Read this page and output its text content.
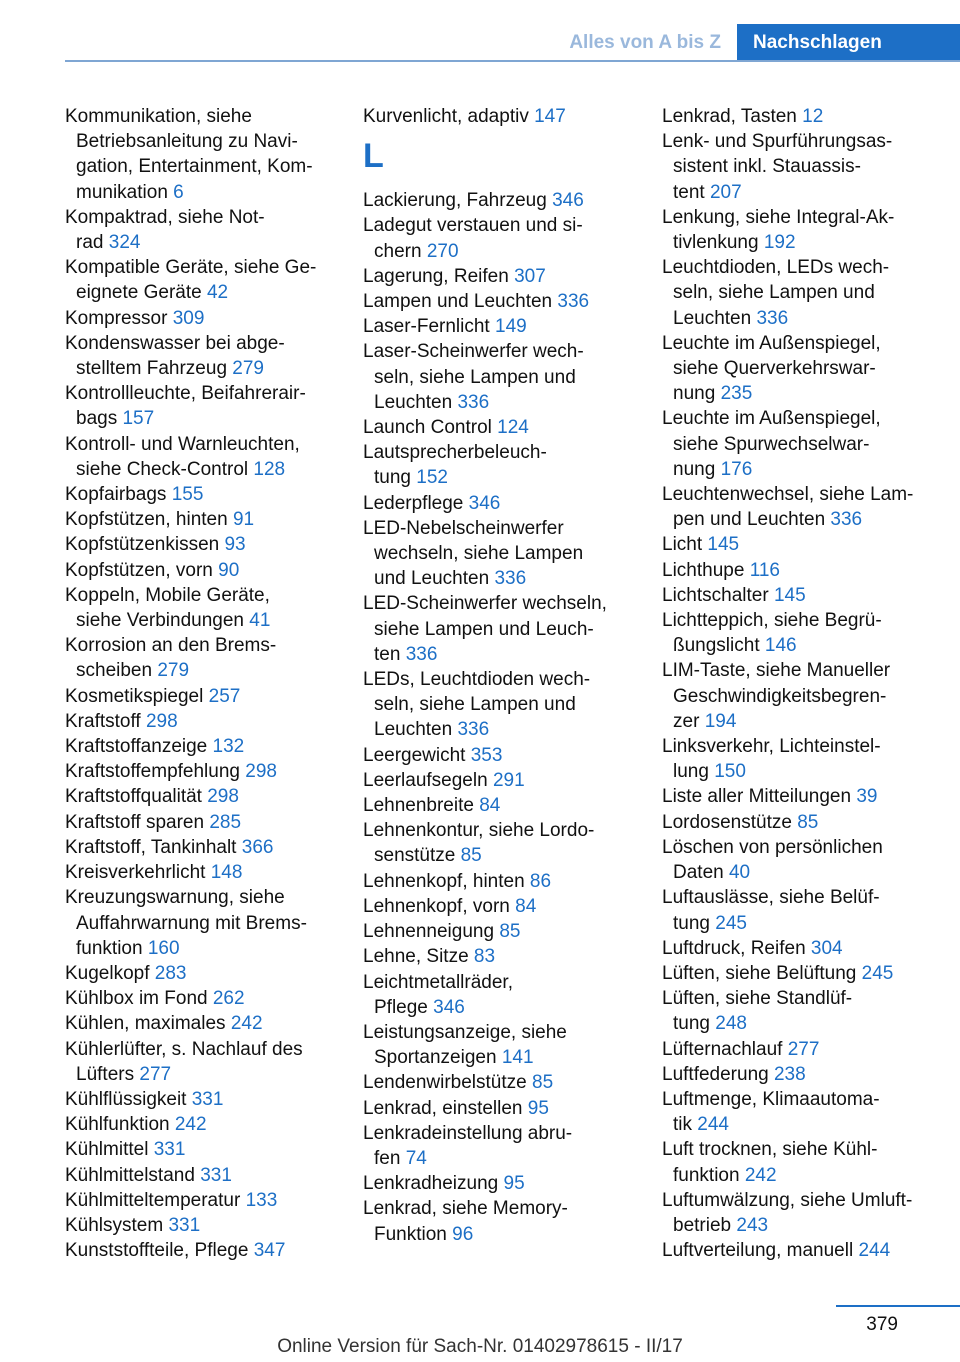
Alles von A bis Z	Nachschlagen
Kommunikation, siehe
Betriebsanleitung zu Navi-
gation, Entertainment, Kom-
munikation 6
Kompaktrad, siehe Not-
rad 324
Kompatible Geräte, siehe Ge-
eignete Geräte 42
Kompressor 309
Kondenswasser bei abge-
stelltem Fahrzeug 279
Kontrollleuchte, Beifahrerair-
bags 157
Kontroll- und Warnleuchten,
siehe Check-Control 128
Kopfairbags 155
Kopfstützen, hinten 91
Kopfstützenkissen 93
Kopfstützen, vorn 90
Koppeln, Mobile Geräte,
siehe Verbindungen 41
Korrosion an den Brems-
scheiben 279
Kosmetikspiegel 257
Kraftstoff 298
Kraftstoffanzeige 132
Kraftstoffempfehlung 298
Kraftstoffqualität 298
Kraftstoff sparen 285
Kraftstoff, Tankinhalt 366
Kreisverkehrlicht 148
Kreuzungswarnung, siehe
Auffahrwarnung mit Brems-
funktion 160
Kugelkopf 283
Kühlbox im Fond 262
Kühlen, maximales 242
Kühlerlüfter, s. Nachlauf des
Lüfters 277
Kühlflüssigkeit 331
Kühlfunktion 242
Kühlmittel 331
Kühlmittelstand 331
Kühlmitteltemperatur 133
Kühlsystem 331
Kunststoffteile, Pflege 347
Kurvenlicht, adaptiv 147
L
Lackierung, Fahrzeug 346
Ladegut verstauen und si-
chern 270
Lagerung, Reifen 307
Lampen und Leuchten 336
Laser-Fernlicht 149
Laser-Scheinwerfer wech-
seln, siehe Lampen und
Leuchten 336
Launch Control 124
Lautsprecherbeleuch-
tung 152
Lederpflege 346
LED-Nebelscheinwerfer
wechseln, siehe Lampen
und Leuchten 336
LED-Scheinwerfer wechseln,
siehe Lampen und Leuch-
ten 336
LEDs, Leuchtdioden wech-
seln, siehe Lampen und
Leuchten 336
Leergewicht 353
Leerlaufsegeln 291
Lehnenbreite 84
Lehnenkontur, siehe Lordo-
senstütze 85
Lehnenkopf, hinten 86
Lehnenkopf, vorn 84
Lehnenneigung 85
Lehne, Sitze 83
Leichtmetallräder,
Pflege 346
Leistungsanzeige, siehe
Sportanzeigen 141
Lendenwirbelstütze 85
Lenkrad, einstellen 95
Lenkradeinstellung abru-
fen 74
Lenkradheizung 95
Lenkrad, siehe Memory-
Funktion 96
Lenkrad, Tasten 12
Lenk- und Spurführungsas-
sistent inkl. Stauassis-
tent 207
Lenkung, siehe Integral-Ak-
tivlenkung 192
Leuchtdioden, LEDs wech-
seln, siehe Lampen und
Leuchten 336
Leuchte im Außenspiegel,
siehe Querverkehrswar-
nung 235
Leuchte im Außenspiegel,
siehe Spurwechselwar-
nung 176
Leuchtenwechsel, siehe Lam-
pen und Leuchten 336
Licht 145
Lichthupe 116
Lichtschalter 145
Lichtteppich, siehe Begrü-
ßungslicht 146
LIM-Taste, siehe Manueller
Geschwindigkeitsbegren-
zer 194
Linksverkehr, Lichteinstel-
lung 150
Liste aller Mitteilungen 39
Lordosenstütze 85
Löschen von persönlichen
Daten 40
Luftauslässe, siehe Belüf-
tung 245
Luftdruck, Reifen 304
Lüften, siehe Belüftung 245
Lüften, siehe Standlüf-
tung 248
Lüfternachlauf 277
Luftfederung 238
Luftmenge, Klimaautoma-
tik 244
Luft trocknen, siehe Kühl-
funktion 242
Luftumwälzung, siehe Umluft-
betrieb 243
Luftverteilung, manuell 244
379
Online Version für Sach-Nr. 01402978615 - II/17
